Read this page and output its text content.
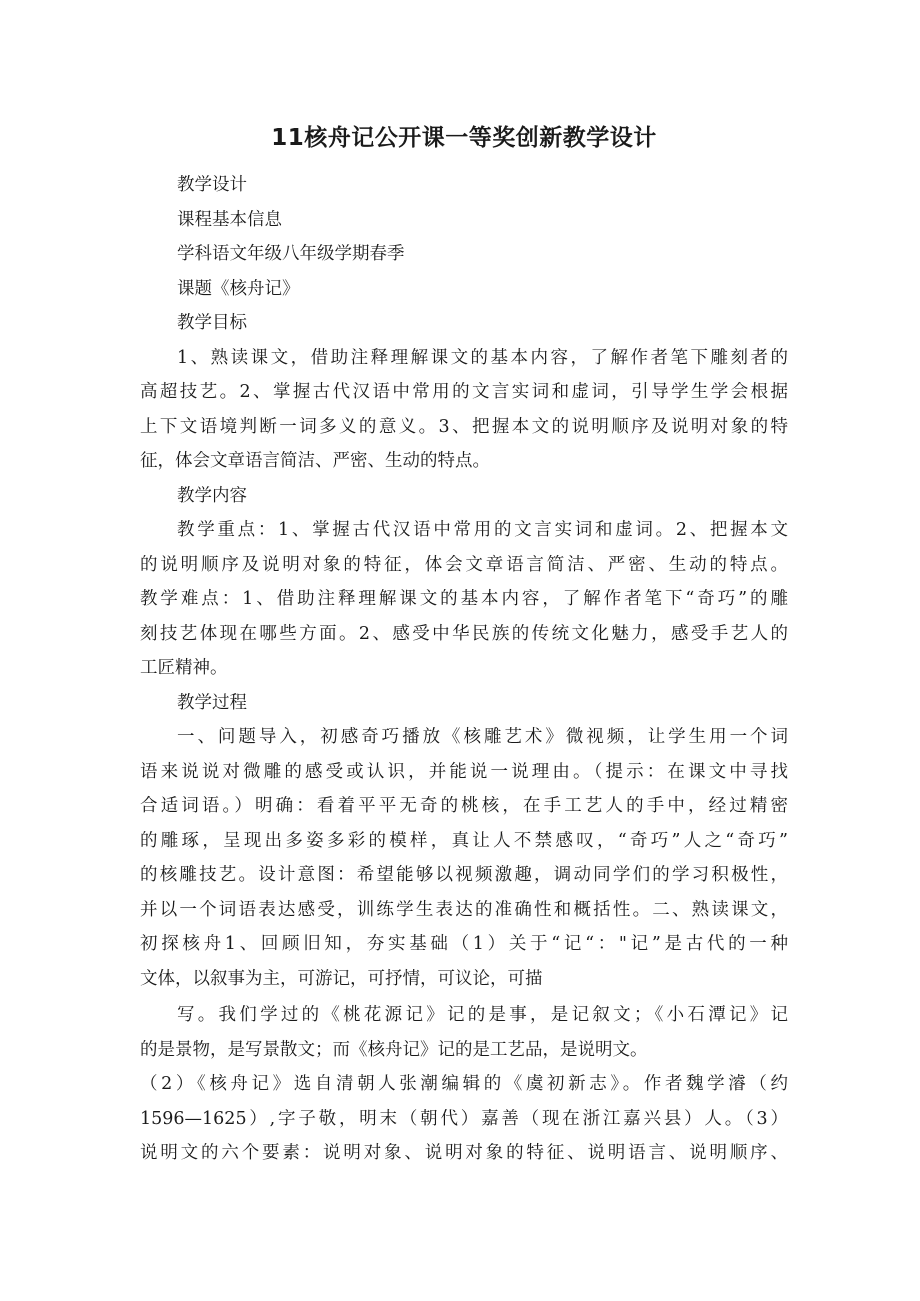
11核舟记公开课一等奖创新教学设计

教学设计

课程基本信息

学科语文年级八年级学期春季

课题《核舟记》

教学目标

1、熟读课文，借助注释理解课文的基本内容，了解作者笔下雕刻者的
高超技艺。2、掌握古代汉语中常用的文言实词和虚词，引导学生学会根据
上下文语境判断一词多义的意义。3、把握本文的说明顺序及说明对象的特
征，体会文章语言简洁、严密、生动的特点。

教学内容

教学重点：1、掌握古代汉语中常用的文言实词和虚词。2、把握本文
的说明顺序及说明对象的特征，体会文章语言简洁、严密、生动的特点。
教学难点：1、借助注释理解课文的基本内容，了解作者笔下“奇巧”的雕
刻技艺体现在哪些方面。2、感受中华民族的传统文化魅力，感受手艺人的
工匠精神。

教学过程

一、问题导入，初感奇巧播放《核雕艺术》微视频，让学生用一个词
语来说说对微雕的感受或认识，并能说一说理由。（提示：在课文中寻找
合适词语。）明确：看着平平无奇的桃核，在手工艺人的手中，经过精密
的雕琢，呈现出多姿多彩的模样，真让人不禁感叹，“奇巧”人之“奇巧”
的核雕技艺。设计意图：希望能够以视频激趣，调动同学们的学习积极性，
并以一个词语表达感受，训练学生表达的准确性和概括性。二、熟读课文，
初探核舟1、回顾旧知，夯实基础（1）关于“记“："记”是古代的一种
文体，以叙事为主，可游记，可抒情，可议论，可描
写。我们学过的《桃花源记》记的是事，是记叙文；《小石潭记》记
的是景物，是写景散文；而《核舟记》记的是工艺品，是说明文。
（2）《核舟记》选自清朝人张潮编辑的《虞初新志》。作者魏学濬（约
1596—1625）,字子敬，明末（朝代）嘉善（现在浙江嘉兴县）人。（3）
说明文的六个要素：说明对象、说明对象的特征、说明语言、说明顺序、
